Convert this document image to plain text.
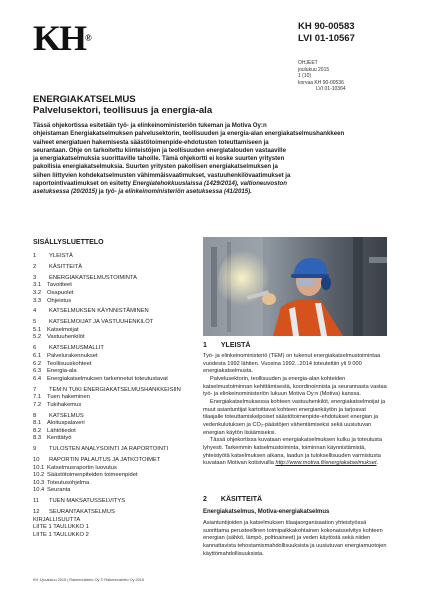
KH®
KH 90-00583
LVI 01-10567
OHJEET
joulukuu 2015
1 (10)
korvaa KH 90-00536
LVI 01-10364
ENERGIAKATSELMUS
Palvelusektori, teollisuus ja energia-ala
Tässä ohjekortissa esitetään työ- ja elinkeinoministeriön tukeman ja Motiva Oy:n
ohjeistaman Energiakatselmuksen palvelusektorin, teollisuuden ja energia-alan energiakatselmushankkeen
vaiheet energiatuen hakemisesta säästötoimenpide-ehdotusten toteuttamiseen ja
seurantaan. Ohje on tarkoitettu kiinteistöjen ja teollisuuden energiatalouden vastaaville
ja energiakatselmuksia suorittaville tahoille. Tämä ohjekortti ei koske suurten yritysten
pakollisia energiakatselmuksia. Suurten yritysten pakollisen energiakatselmuksen ja
siihen liittyvien kohdekatselmusten vähimmäisvaatimukset, vastuuhenkilövaatimukset ja
raportointivaatimukset on esitetty Energiatehokkuuslaissa (1429/2014), valtioneuvoston
asetuksessa (20/2015) ja työ- ja elinkeinoministeriön asetuksessa (41/2015).
SISÄLLYSLUETTELO
1	YLEISTÄ
2	KÄSITTEITÄ
3	ENERGIAKATSELMUSTOIMINTA
3.1	Tavoitteet
3.2	Osapuolet
3.3	Ohjeistus
4	KATSELMUKSEN KÄYNNISTÄMINEN
5	KATSELMOIJAT JA VASTUUHENKILÖT
5.1	Katselmoijat
5.2	Vastuuhenkilöt
6	KATSELMUSMALLIT
6.1	Palvelurakennukset
6.2	Teollisuuskohteet
6.3	Energia-ala
6.4	Energiakatselmuksen tarkennetut toteutustavat
7	TEM:N TUKI ENERGIAKATSELMUSHANKKEISIIN
7.1	Tuen hakeminen
7.2	Tukihakemus
8	KATSELMUS
8.1	Aloituspalaveri
8.2	Lähtötiedot
8.3	Kenttätyö
9	TULOSTEN ANALYSOINTI JA RAPORTOINTI
10	RAPORTIN PALAUTUS JA JATKOTOIMET
10.1 Katselmusraportin luovutus
10.2 Säästötoimenpiteiden toimeenpidet
10.3 Toteutusohjelma
10.4 Seuranta
11	TUEN MAKSATUSSELVITYS
12	SEURANTAKATSELMUS
KIRJALLISUUTTA
LIITE 1 TAULUKKO 1
LIITE 1 TAULUKKO 2
1  YLEISTÄ

Työ- ja elinkeinoministeriö (TEM) on tukenut energiakatselmustoimintaa vuodesta 1992 lähtien. Vuosina 1992...2014 toteutettiin yli 9 000 energiakatselmusta.

Palvelusektorin, teollisuuden ja energia-alan kohteiden katselmustoiminnan kehittämisestä, koordinoinnista ja seurannasta vastaa työ- ja elinkeinoministeriön lukuun Motiva Oy:n (Motiva) kanssa.

Energiakatselmuksessa kohteen vastuuhenkilöt, energiakatselmoijat ja muut asiantuntijat kartoittavat kohteen energiankäytön ja tarjoavat tilaajalle toteuttamiskelpoiset säästötoimenpide-ehdotukset energian ja vedenkulutuksen ja CO₂-päästöjen vähentämiseksi sekä uusiutuvan energian käytön lisäämiseksi.

Tässä ohjekortissa kuvataan energiakatselmuksen kulku ja toteutusta lyhyesti. Tarkemmin katselmustoiminta, toiminnan käynnistämistä, yhteistyötä katselmuksen aikana, laadun ja tuloksellisuuden varmistusta kuvataan Motivan kotisivuilla http://www.motiva.fi/energiakatselmukset.

2  KÄSITTEITÄ
Energiakatselmus, Motiva-energiakatselmus
Asiantuntijoiden ja katselmuksen tilaajaorganisaation yhteistyössä suorittama perusteellinen toimipaikkakohtainen kokonaisselvitys kohteen energian (sähkö, lämpö, polttoaineet) ja veden käytöstä sekä niiden kannattavista tehostamismahdollisuuksista ja uusiutuvan energiamuotojen käyttömahdollisuuksista.
KH 1/joulukuu 2015 | Rakennustieto Oy © Rakennustieto Oy 2015
